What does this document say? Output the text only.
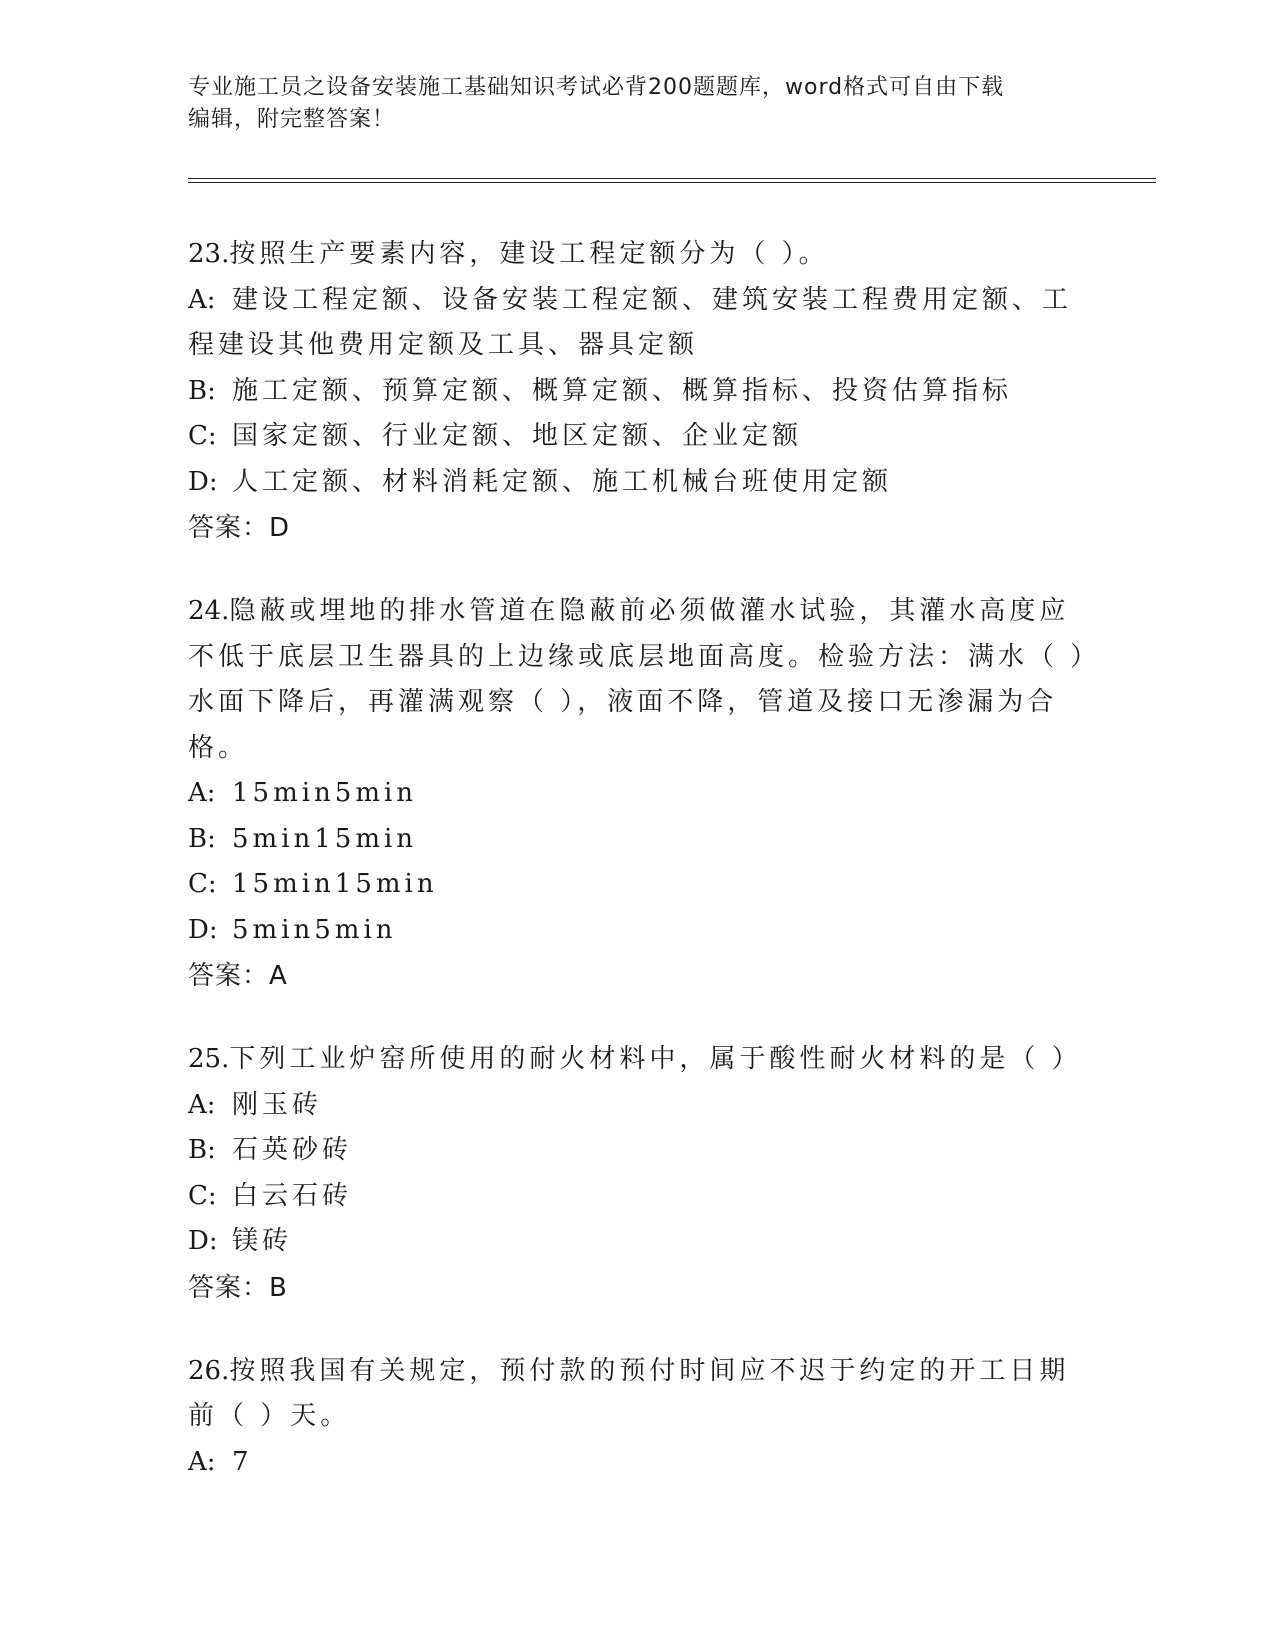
专业施工员之设备安装施工基础知识考试必背200题题库，word格式可自由下载
编辑，附完整答案！

23.按照生产要素内容，建设工程定额分为（ ）。

A: 建设工程定额、设备安装工程定额、建筑安装工程费用定额、工程建设其他费用定额及工具、器具定额

B: 施工定额、预算定额、概算定额、概算指标、投资估算指标

C: 国家定额、行业定额、地区定额、企业定额

D: 人工定额、材料消耗定额、施工机械台班使用定额

答案：D

24.隐蔽或埋地的排水管道在隐蔽前必须做灌水试验，其灌水高度应不低于底层卫生器具的上边缘或底层地面高度。检验方法：满水（ ）水面下降后，再灌满观察（ ），液面不降，管道及接口无渗漏为合格。

A: 15min5min

B: 5min15min

C: 15min15min

D: 5min5min

答案：A

25.下列工业炉窑所使用的耐火材料中，属于酸性耐火材料的是（ ）

A: 刚玉砖

B: 石英砂砖

C: 白云石砖

D: 镁砖

答案：B

26.按照我国有关规定，预付款的预付时间应不迟于约定的开工日期前（ ）天。

A: 7
